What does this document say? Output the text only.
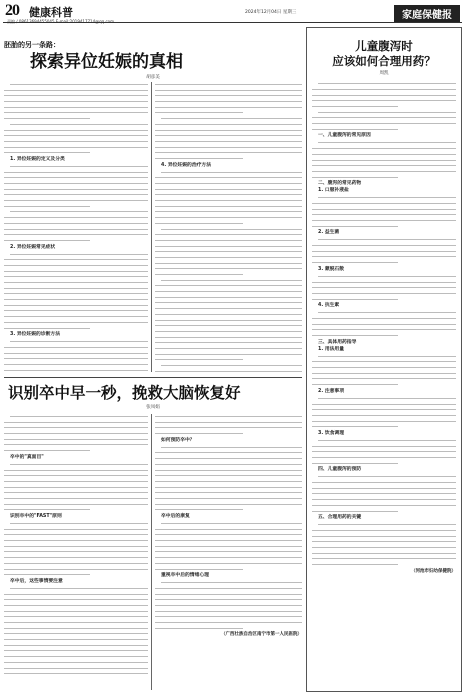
20 健康科普
责编 / 08613694455045 E-mail:2019417714@qq.com
2024年12月04日 星期三	家庭保健报
胚胎的另一条路：
探索异位妊娠的真相
胡彦美
1. 异位妊娠的定义及分类
2. 异位妊娠常见症状
3. 异位妊娠的诊断方法
4. 异位妊娠的治疗方法
识别卒中早一秒，挽救大脑恢复好
张凤娟
卒中的"真面目"
识别卒中的"FAST"原则
卒中后，这些事情要注意
如何预防卒中？
卒中后的康复
重视卒中后的情绪心理
（广西壮族自治区南宁市第一人民医院）
儿童腹泻时
应该如何合理用药？
周凯
一、儿童腹泻的常见原因
二、腹泻的常见药物
1. 口服补液盐
2. 益生菌
3. 蒙脱石散
4. 抗生素
三、具体用药指导
1. 用法用量
2. 注意事项
3. 饮食调理
四、儿童腹泻的预防
五、合理用药的关键
（河池市妇幼保健院）
